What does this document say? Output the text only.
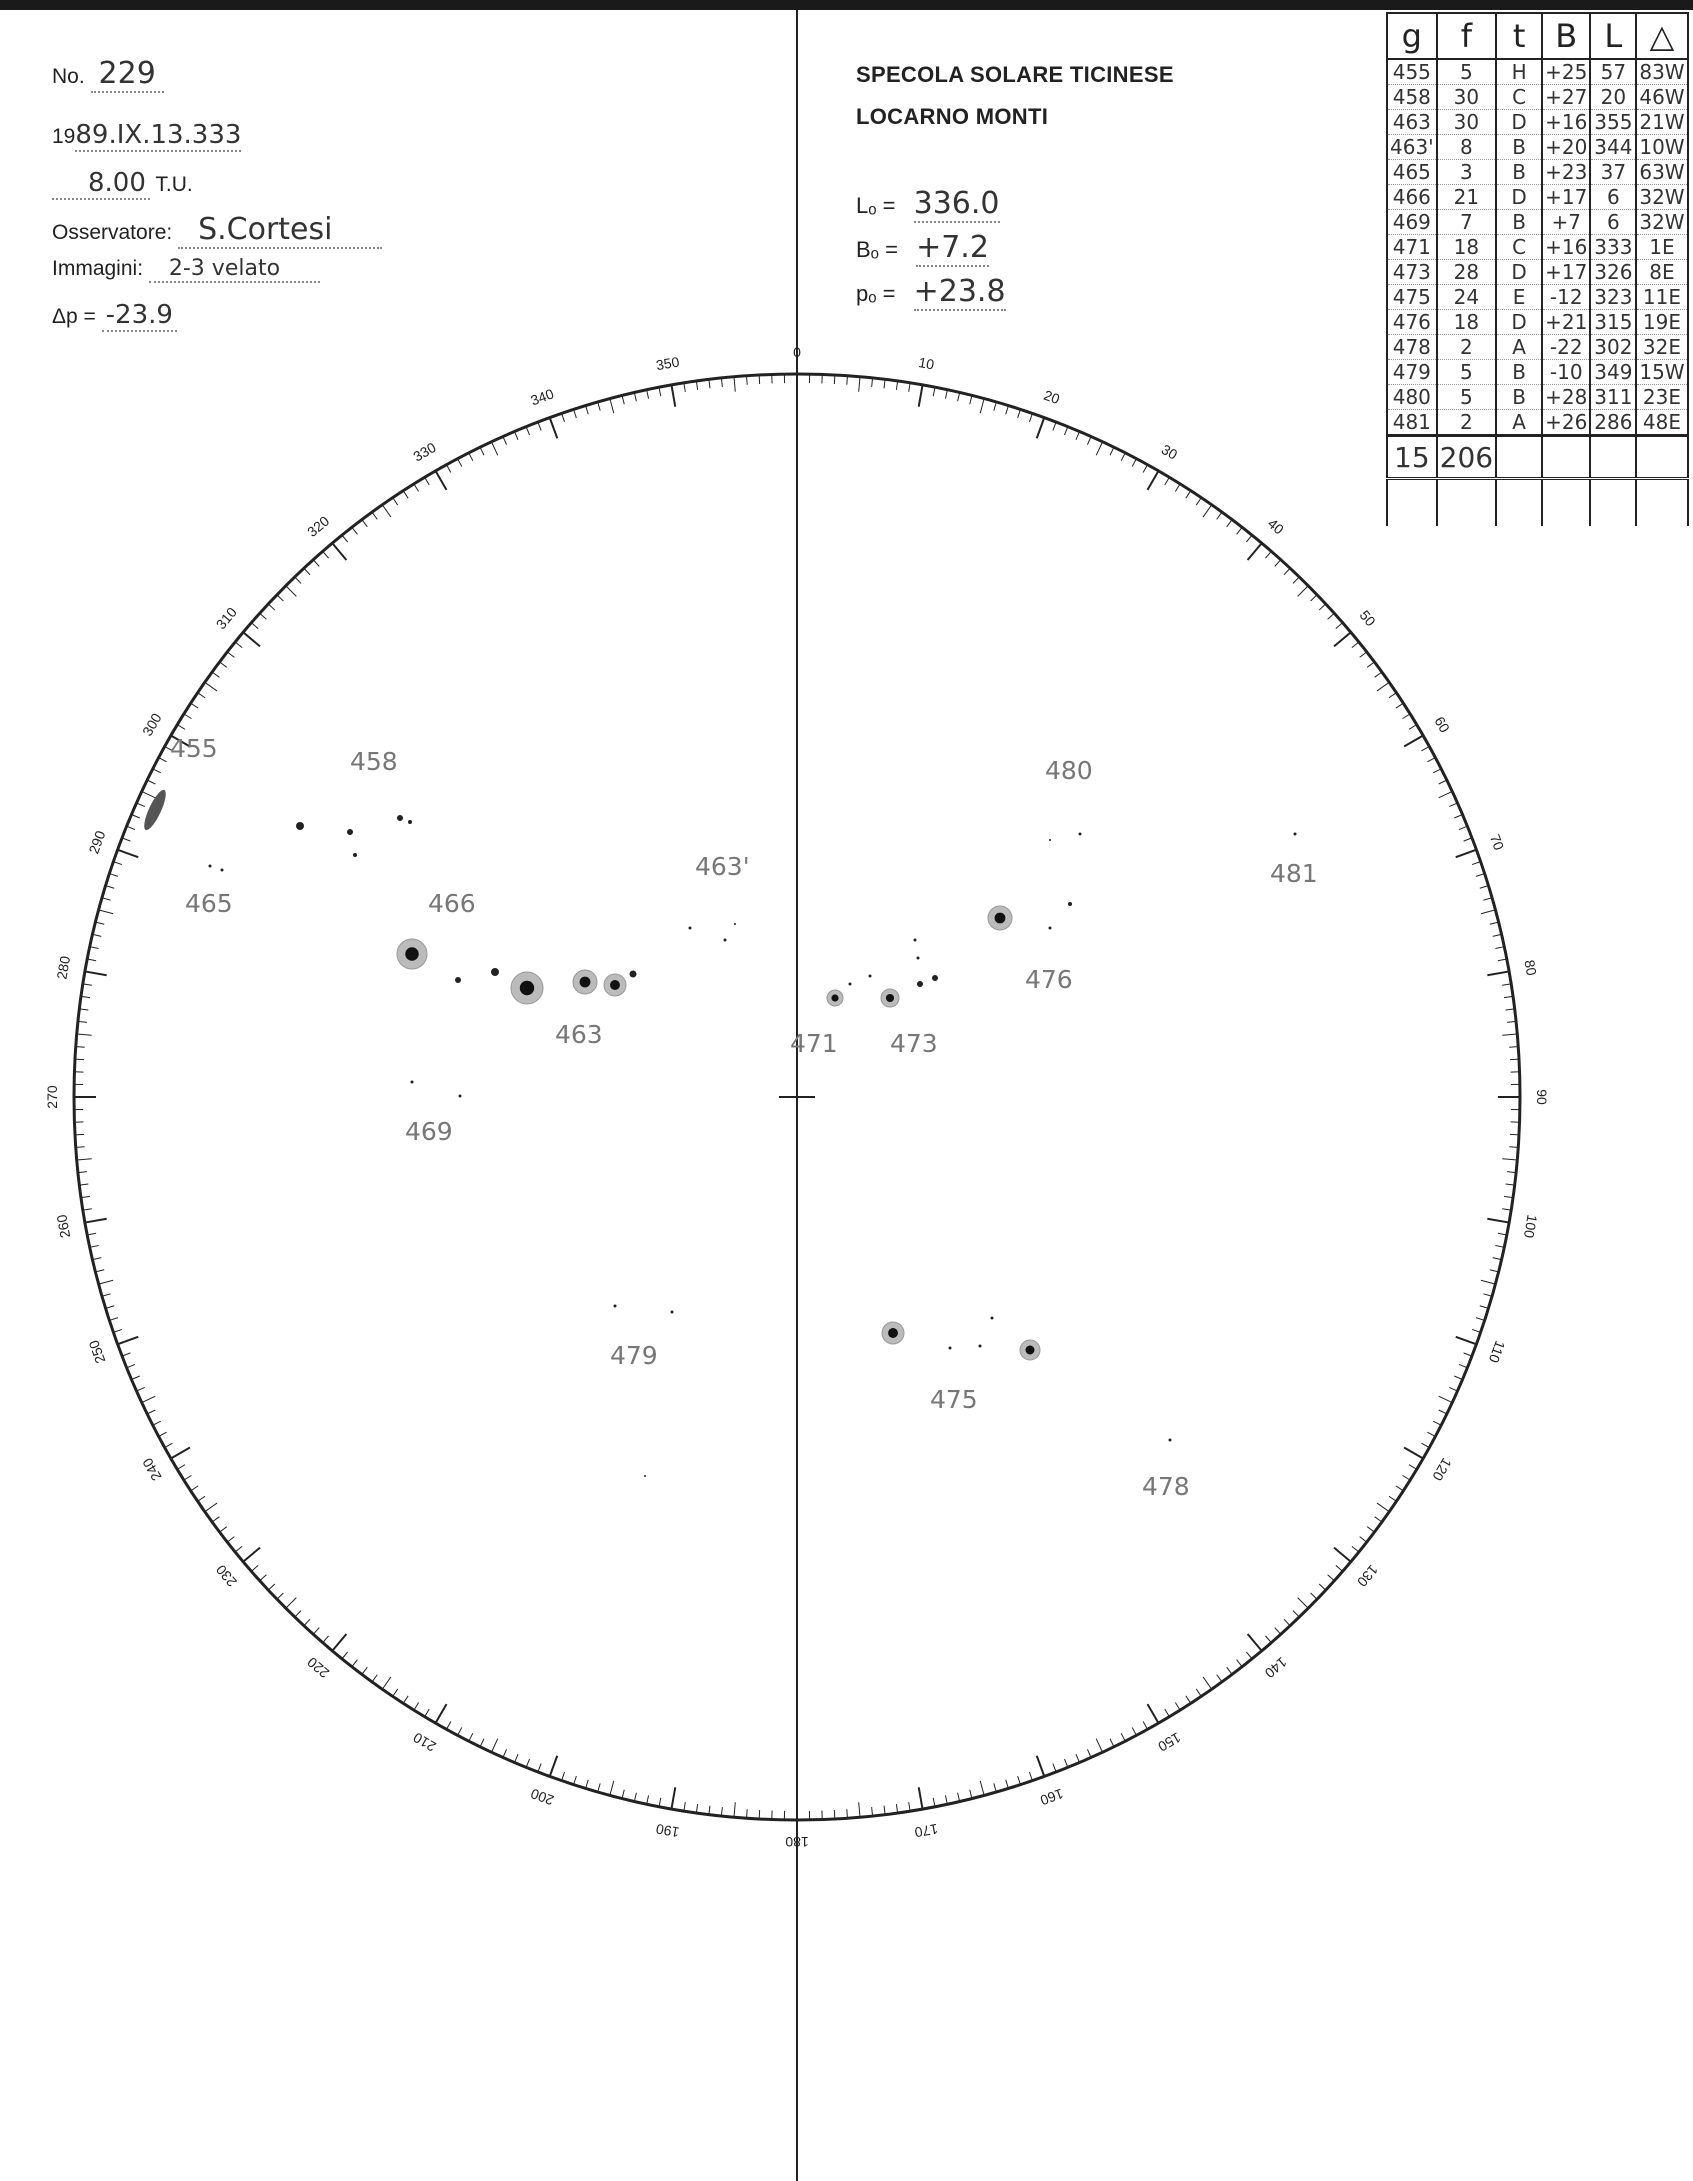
No. 229
1989.IX.13.333
8.00 T.U.
Osservatore: S.Cortesi
Immagini: 2-3 velato
Δp = -23.9
SPECOLA SOLARE TICINESE
LOCARNO MONTI
Lₒ = 336.0
Bₒ = +7.2
pₒ = +23.8
g	f	t	B	L	△
455	5	H	+25	57	83W
458	30	C	+27	20	46W
463	30	D	+16	355	21W
463'	8	B	+20	344	10W
465	3	B	+23	37	63W
466	21	D	+17	6	32W
469	7	B	+7	6	32W
471	18	C	+16	333	1E
473	28	D	+17	326	8E
475	24	E	-12	323	11E
476	18	D	+21	315	19E
478	2	A	-22	302	32E
479	5	B	-10	349	15W
480	5	B	+28	311	23E
481	2	A	+26	286	48E
15	206				

0
10
20
30
40
50
60
70
80
90
100
110
120
130
140
150
160
170
180
190
200
210
220
230
240
250
260
270
280
290
300
310
320
330
340
350
455	458
465	466
463'
463
469
471 473
476
480
481
479
475
478
